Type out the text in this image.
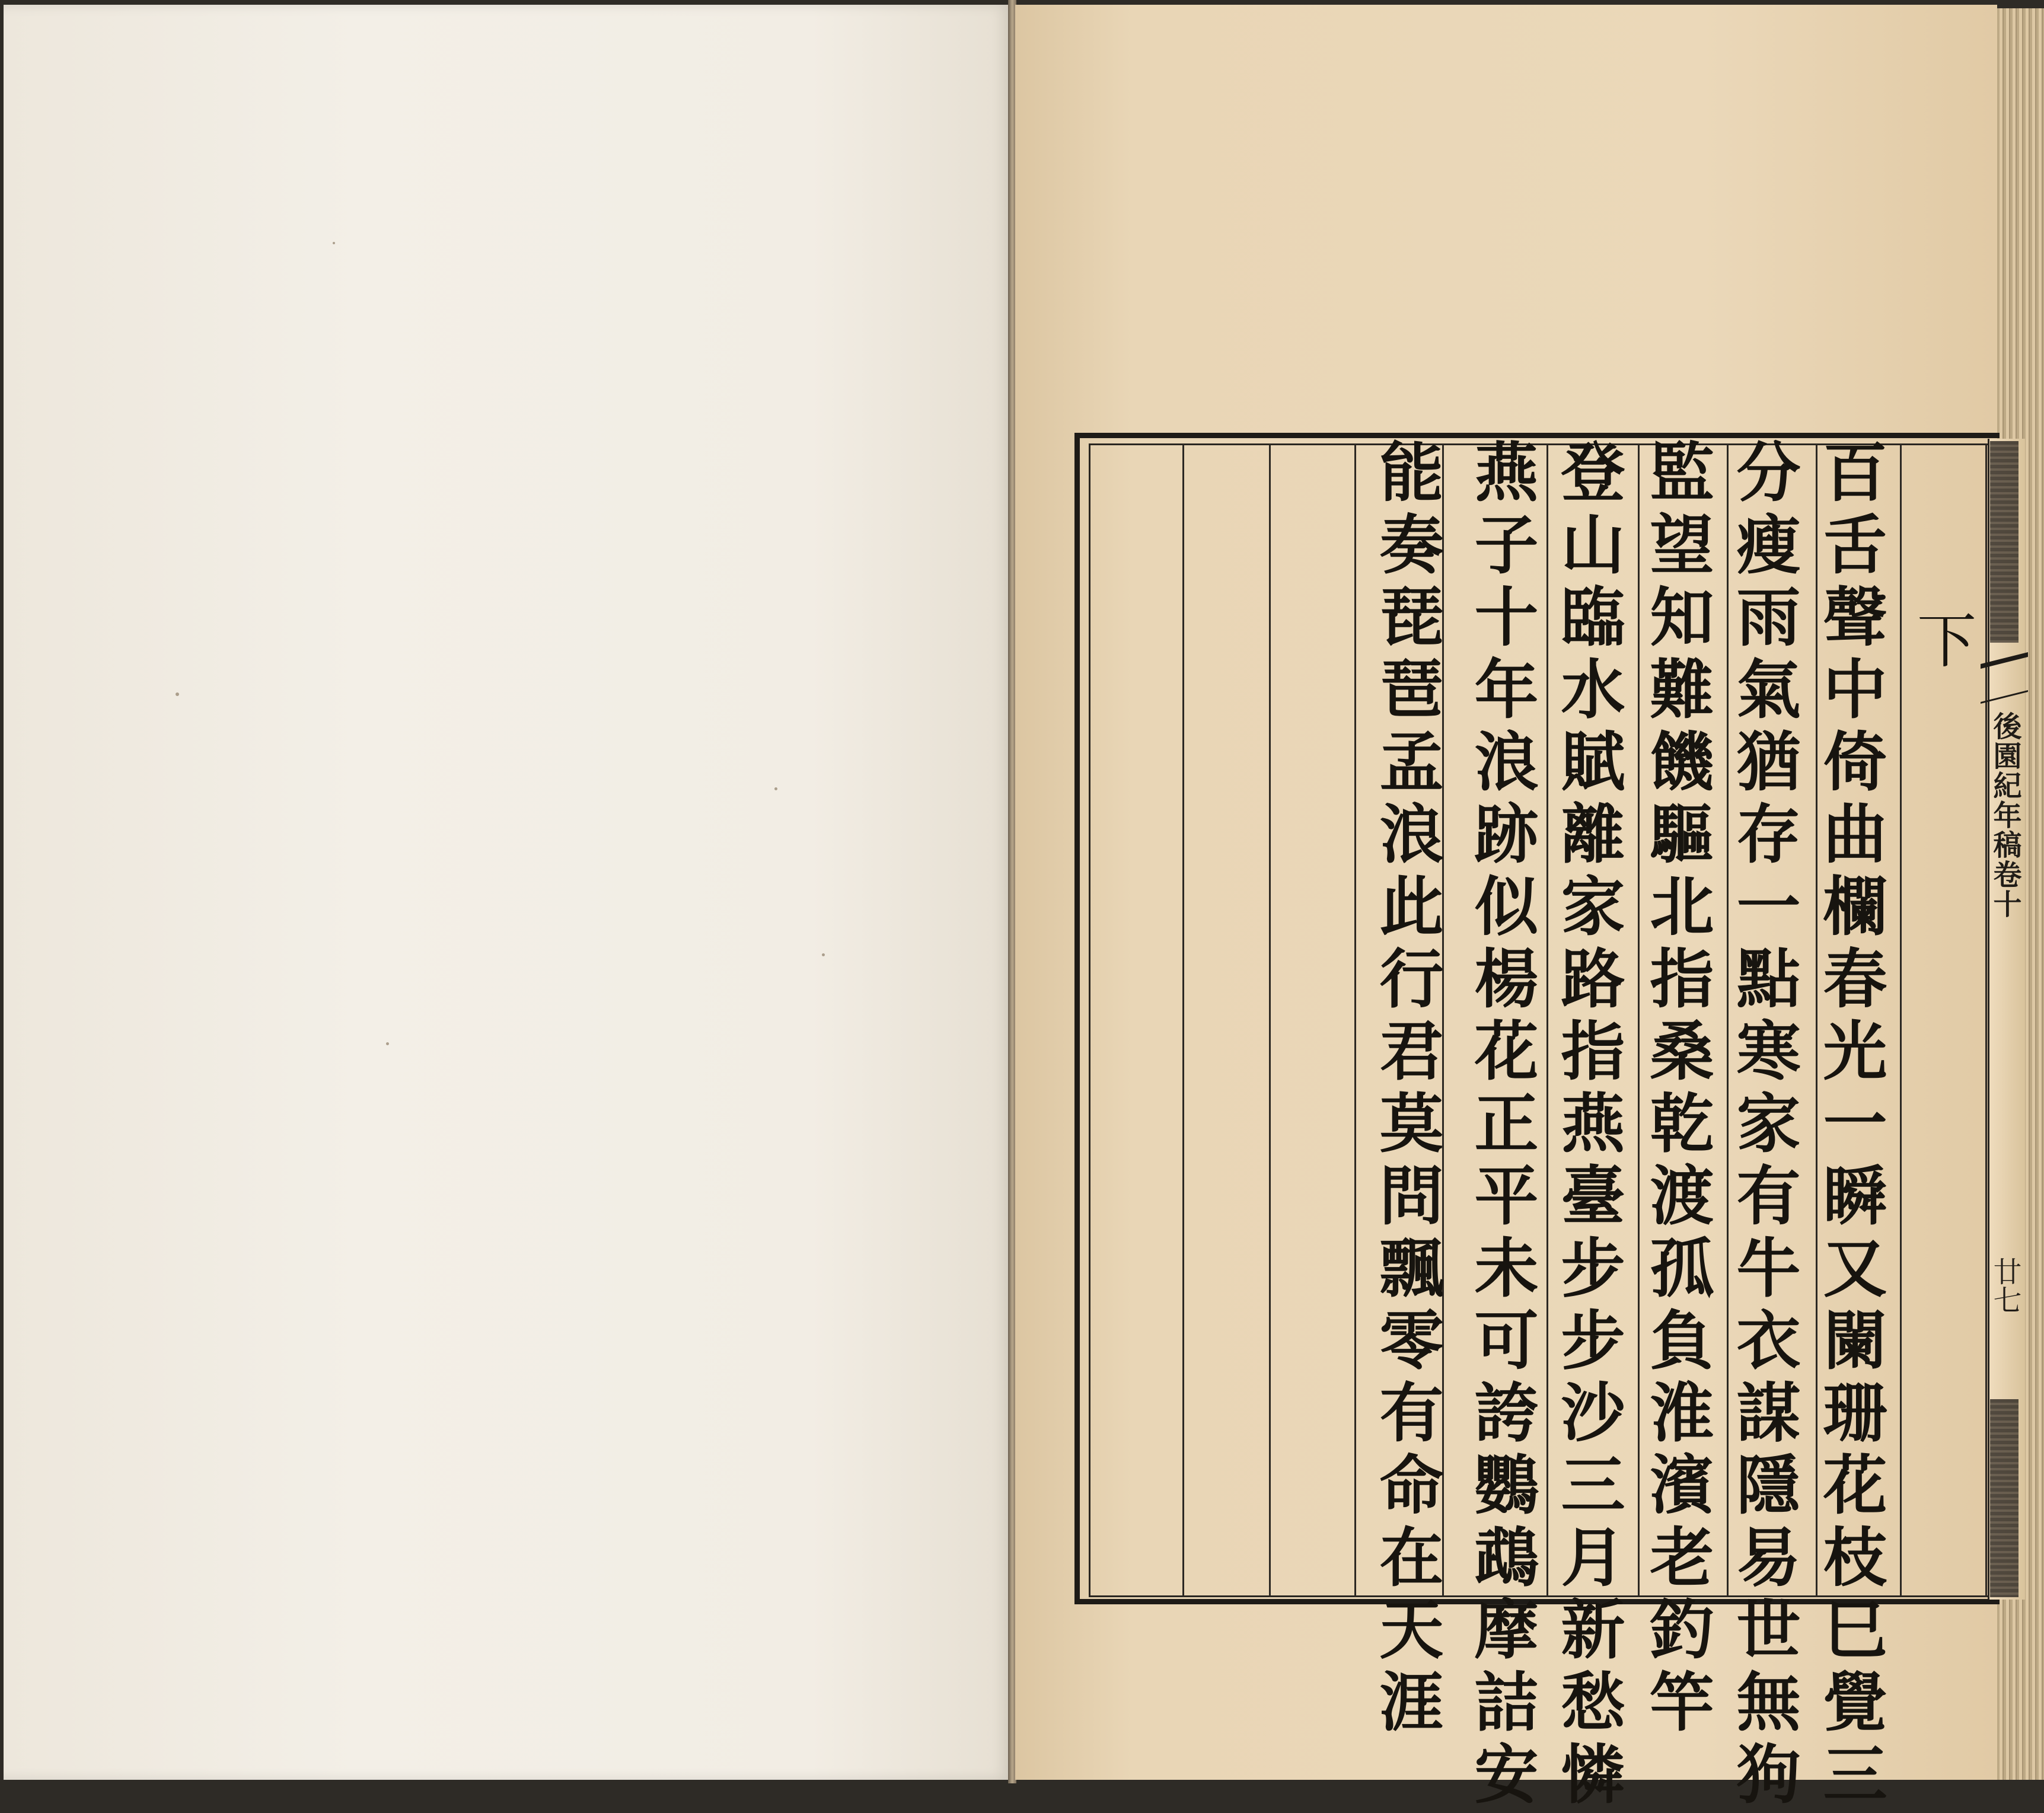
後園紀年稿卷十
廿七
下
百舌聲中倚曲欄春光一瞬又闌珊花枝巳覺三
分瘦雨氣猶存一點寒家有牛衣謀隱易世無狗
監望知難饑驅北指桑乾渡孤負淮濱老釣竿
登山臨水賦離家路指燕臺步步沙三月新愁憐
燕子十年浪跡似楊花正平未可誇鸚鵡摩詰安
能奏琵琶孟浪此行君莫問飄零有命在天涯
